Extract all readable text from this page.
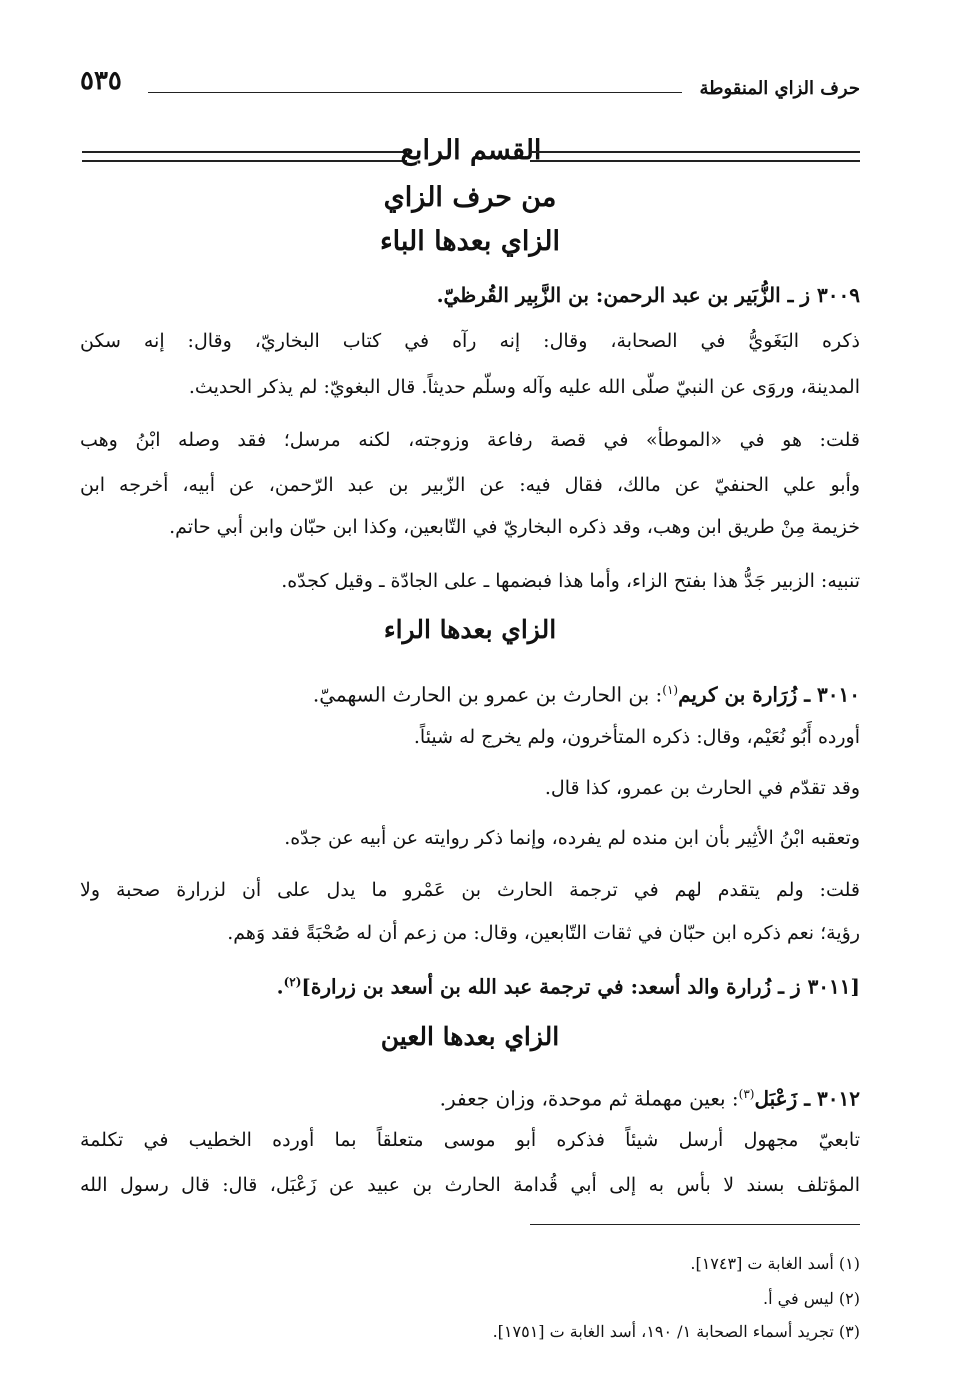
حرف الزاي المنقوطة
٥٣٥
القسم الرابع
من حرف الزاي
الزاي بعدها الباء
٣٠٠٩ ز ـ الزُّبَير بن عبد الرحمن: بن الزَّبِير القُرظيّ.
ذكره البَغَويُّ في الصحابة، وقال: إنه رآه في كتاب البخاريّ، وقال: إنه سكن
المدينة، وروَى عن النبيّ صلّى الله عليه وآله وسلّم حديثاً. قال البغويّ: لم يذكر الحديث.
قلت: هو في «الموطأ» في قصة رفاعة وزوجته، لكنه مرسل؛ فقد وصله ابْنُ وهب
وأبو علي الحنفيّ عن مالك، فقال فيه: عن الزّبير بن عبد الرّحمن، عن أبيه، أخرجه ابن
خزيمة مِنْ طريق ابن وهب، وقد ذكره البخاريّ في التّابعين، وكذا ابن حبّان وابن أبي حاتم.
تنبيه: الزبير جَدُّ هذا بفتح الزاء، وأما هذا فبضمها ـ على الجادّة ـ وقيل كجدّه.
الزاي بعدها الراء
٣٠١٠ ـ زُرَارة بن كريم$^{(١)}$: بن الحارث بن عمرو بن الحارث السهميّ.
أورده أَبُو نُعَيْم، وقال: ذكره المتأخرون، ولم يخرج له شيئاً.
وقد تقدّم في الحارث بن عمرو، كذا قال.
وتعقبه ابْنُ الأثِير بأن ابن منده لم يفرده، وإنما ذكر روايته عن أبيه عن جدّه.
قلت: ولم يتقدم لهم في ترجمة الحارث بن عَمْرو ما يدل على أن لزرارة صحبة ولا
رؤية؛ نعم ذكره ابن حبّان في ثقات التّابعين، وقال: من زعم أن له صُحْبَةً فقد وَهم.
[٣٠١١ ز ـ زُرارة والد أسعد: في ترجمة عبد الله بن أسعد بن زرارة]$^{(٢)}$.
الزاي بعدها العين
٣٠١٢ ـ زَعْبَل$^{(٣)}$: بعين مهملة ثم موحدة، وزان جعفر.
تابعيّ مجهول أرسل شيئاً فذكره أبو موسى متعلقاً بما أورده الخطيب في تكلمة
المؤتلف بسند لا بأس به إلى أبي قُدامة الحارث بن عبيد عن زَعْبَل، قال: قال رسول الله
(١) أسد الغابة ت [١٧٤٣].
(٢) ليس في أ.
(٣) تجريد أسماء الصحابة ١/ ١٩٠، أسد الغابة ت [١٧٥١].
